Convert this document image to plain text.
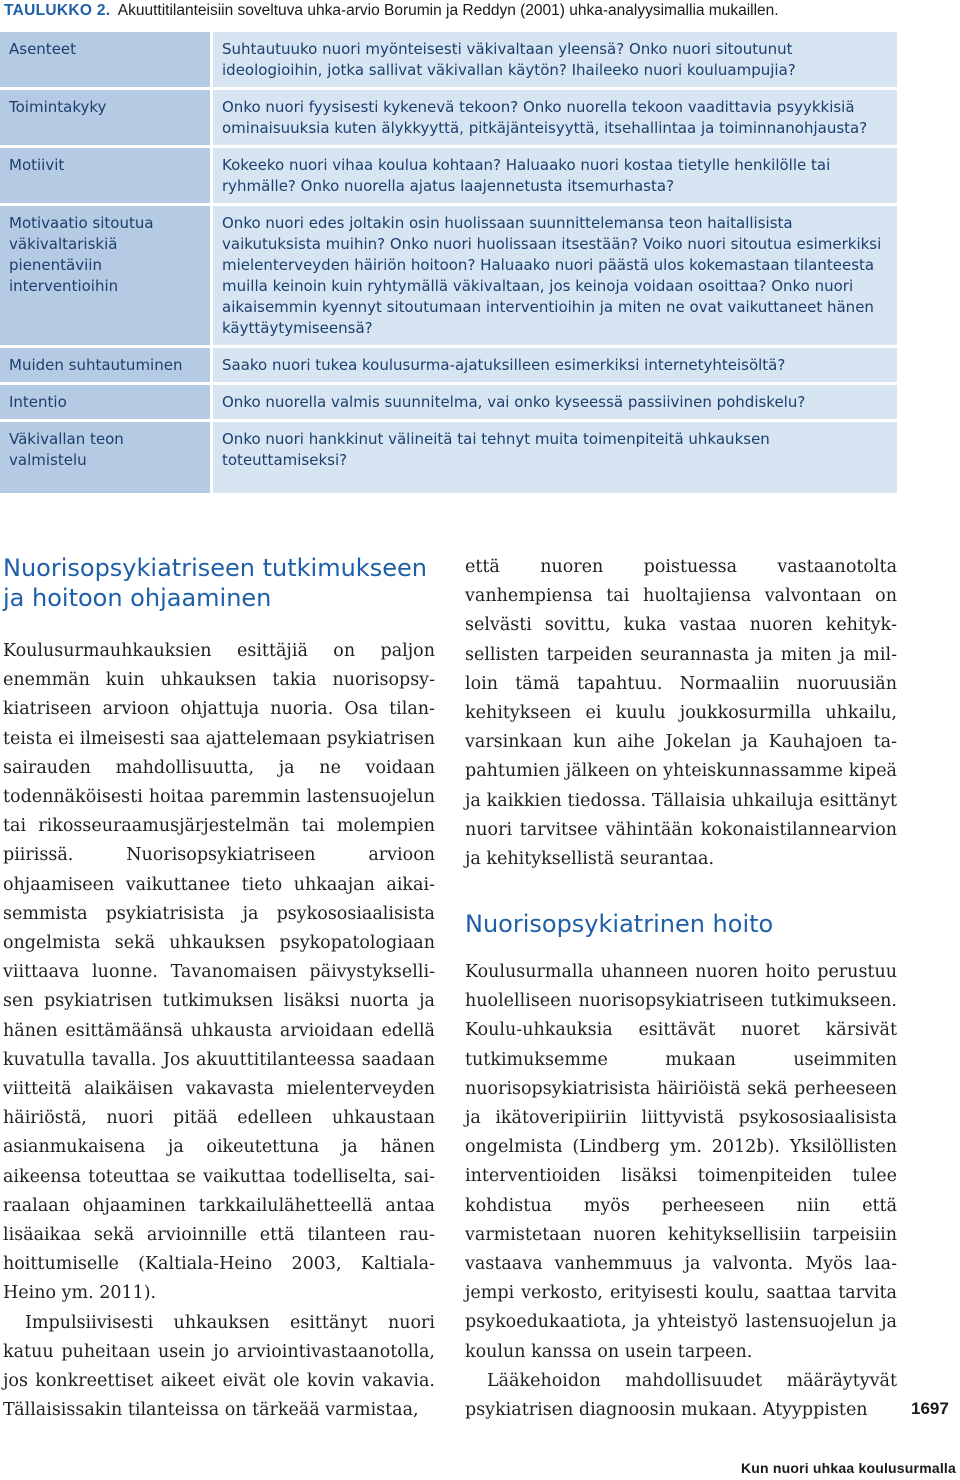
TAULUKKO 2. Akuuttitilanteisiin soveltuva uhka-arvio Borumin ja Reddyn (2001) uhka-analyysimallia mukaillen.
Asenteet	Suhtautuuko nuori myönteisesti väkivaltaan yleensä? Onko nuori sitoutunut ideologioihin, jotka sallivat väkivallan käytön? Ihaileeko nuori kouluampujia?
Toimintakyky	Onko nuori fyysisesti kykenevä tekoon? Onko nuorella tekoon vaadittavia psyykkisiä ominaisuuksia kuten älykkyyttä, pitkäjänteisyyttä, itsehallintaa ja toiminnanohjausta?
Motiivit	Kokeeko nuori vihaa koulua kohtaan? Haluaako nuori kostaa tietylle henkilölle tai ryhmälle? Onko nuorella ajatus laajennetusta itsemurhasta?
Motivaatio sitoutua väkivaltariskiä pienentäviin interventioihin	Onko nuori edes joltakin osin huolissaan suunnittelemansa teon haitallisista vaikutuksista muihin? Onko nuori huolissaan itsestään? Voiko nuori sitoutua esimerkiksi mielenterveyden häiriön hoitoon? Haluaako nuori päästä ulos kokemastaan tilanteesta muilla keinoin kuin ryhtymällä väkivaltaan, jos keinoja voidaan osoittaa? Onko nuori aikaisemmin kyennyt sitoutumaan interventioihin ja miten ne ovat vaikuttaneet hänen käyttäytymiseensä?
Muiden suhtautuminen	Saako nuori tukea koulusurma-ajatuksilleen esimerkiksi internetyhteisöltä?
Intentio	Onko nuorella valmis suunnitelma, vai onko kyseessä passiivinen pohdiskelu?
Väkivallan teon valmistelu	Onko nuori hankkinut välineitä tai tehnyt muita toimenpiteitä uhkauksen toteuttamiseksi?
Nuorisopsykiatriseen tutkimukseen ja hoitoon ohjaaminen

Koulusurmauhkauksien esittäjiä on paljon enemmän kuin uhkauksen takia nuorisopsykiatriseen arvioon ohjattuja nuoria. Osa tilanteista ei ilmeisesti saa ajattelemaan psykiatrisen sairauden mahdollisuutta, ja ne voidaan todennäköisesti hoitaa paremmin lastensuojelun tai rikosseuraamusjärjestelmän tai molempien piirissä. Nuorisopsykiatriseen arvioon ohjaamiseen vaikuttanee tieto uhkaajan aikaisemmista psykiatrisista ja psykososiaalisista ongelmista sekä uhkauksen psykopatologiaan viittaava luonne. Tavanomaisen päivystyksellisen psykiatrisen tutkimuksen lisäksi nuorta ja hänen esittämäänsä uhkausta arvioidaan edellä kuvatulla tavalla. Jos akuuttitilanteessa saadaan viitteitä alaikäisen vakavasta mielenterveyden häiriöstä, nuori pitää edelleen uhkaustaan asianmukaisena ja oikeutettuna ja hänen aikeensa toteuttaa se vaikuttaa todelliselta, sairaalaan ohjaaminen tarkkailulähetteellä antaa lisäaikaa sekä arvioinnille että tilanteen rauhoittumiselle (Kaltiala-Heino 2003, Kaltiala-Heino ym. 2011).

Impulsiivisesti uhkauksen esittänyt nuori katuu puheitaan usein jo arviointivastaanotolla, jos konkreettiset aikeet eivät ole kovin vakavia. Tällaisissakin tilanteissa on tärkeää varmistaa,

Nuorisopsykiatrinen hoito

Koulusurmalla uhanneen nuoren hoito perustuu huolelliseen nuorisopsykiatriseen tutkimukseen. Koulu-uhkauksia esittävät nuoret kärsivät tutkimuksemme mukaan useimmiten nuorisopsykiatrisista häiriöistä sekä perheeseen ja ikätoveripiiriin liittyvistä psykososiaalisista ongelmista (Lindberg ym. 2012b). Yksilöllisten interventioiden lisäksi toimenpiteiden tulee kohdistua myös perheeseen niin että varmistetaan nuoren kehityksellisiin tarpeisiin vastaava vanhemmuus ja valvonta. Myös laajempi verkosto, erityisesti koulu, saattaa tarvita psykoedukaatiota, ja yhteistyö lastensuojelun ja koulun kanssa on usein tarpeen.

Lääkehoidon mahdollisuudet määräytyvät psykiatrisen diagnoosin mukaan. Atyyppisten	1697
Kun nuori uhkaa koulusurmalla

että nuoren poistuessa vastaanotolta vanhempiensa tai huoltajiensa valvontaan on selvästi sovittu, kuka vastaa nuoren kehityksellisten tarpeiden seurannasta ja miten ja milloin tämä tapahtuu. Normaaliin nuoruusiän kehitykseen ei kuulu joukkosurmilla uhkailu, varsinkaan kun aihe Jokelan ja Kauhajoen tapahtumien jälkeen on yhteiskunnassamme kipeä ja kaikkien tiedossa. Tällaisia uhkailuja esittänyt nuori tarvitsee vähintään kokonaistilannearvion ja kehityksellistä seurantaa.
